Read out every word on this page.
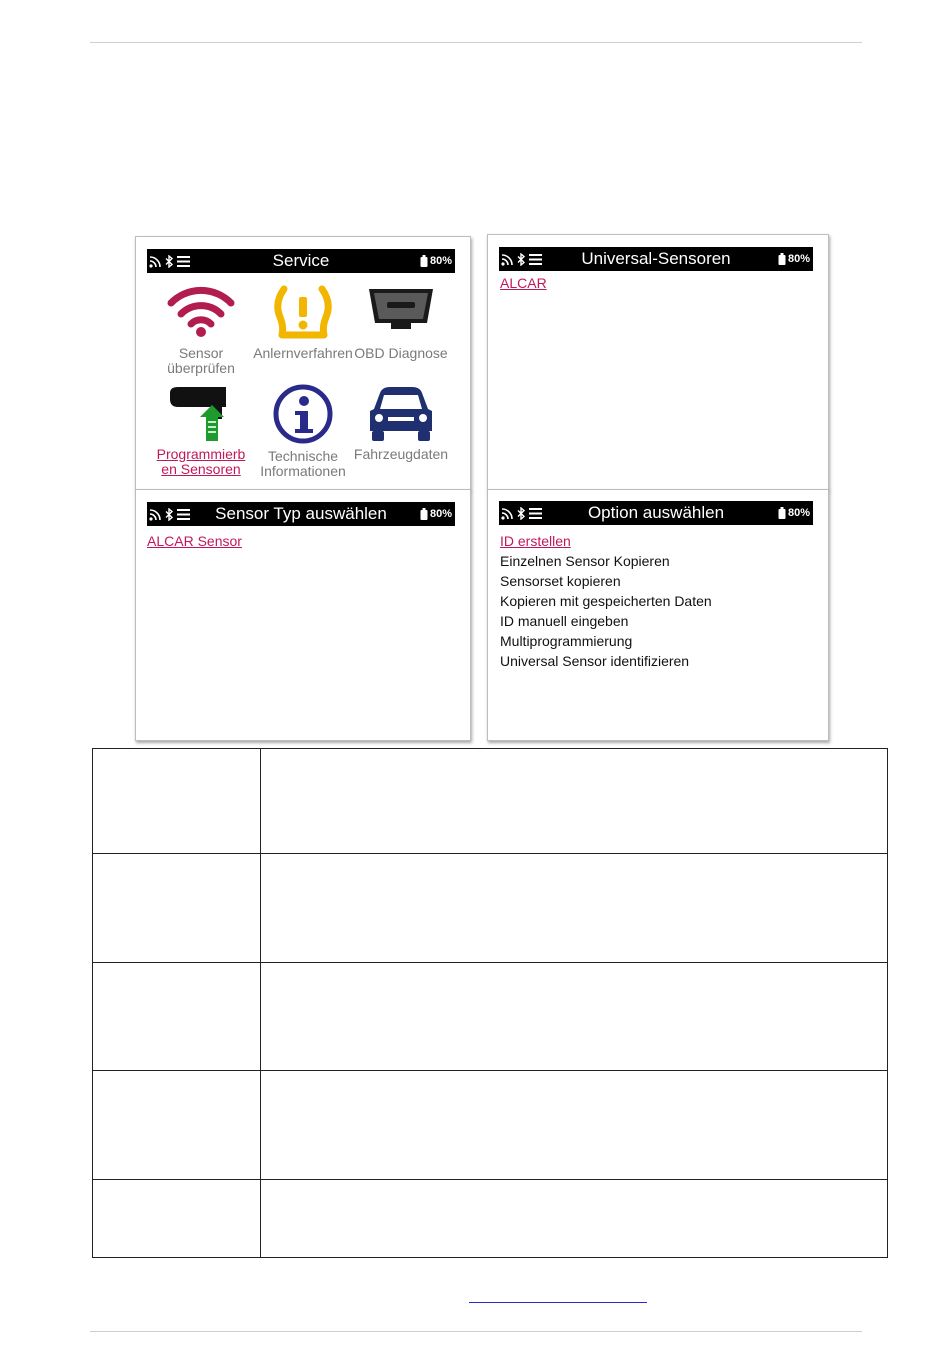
Service	80%
Sensor überprüfen
Anlernverfahren OBD Diagnose
Programmierb en Sensoren
Technische Informationen
Fahrzeugdaten
Universal-Sensoren	80%
ALCAR
Sensor Typ auswählen	80%
ALCAR Sensor
Option auswählen	80%
ID erstellen
Einzelnen Sensor Kopieren
Sensorset kopieren
Kopieren mit gespeicherten Daten
ID manuell eingeben
Multiprogrammierung
Universal Sensor identifizieren
